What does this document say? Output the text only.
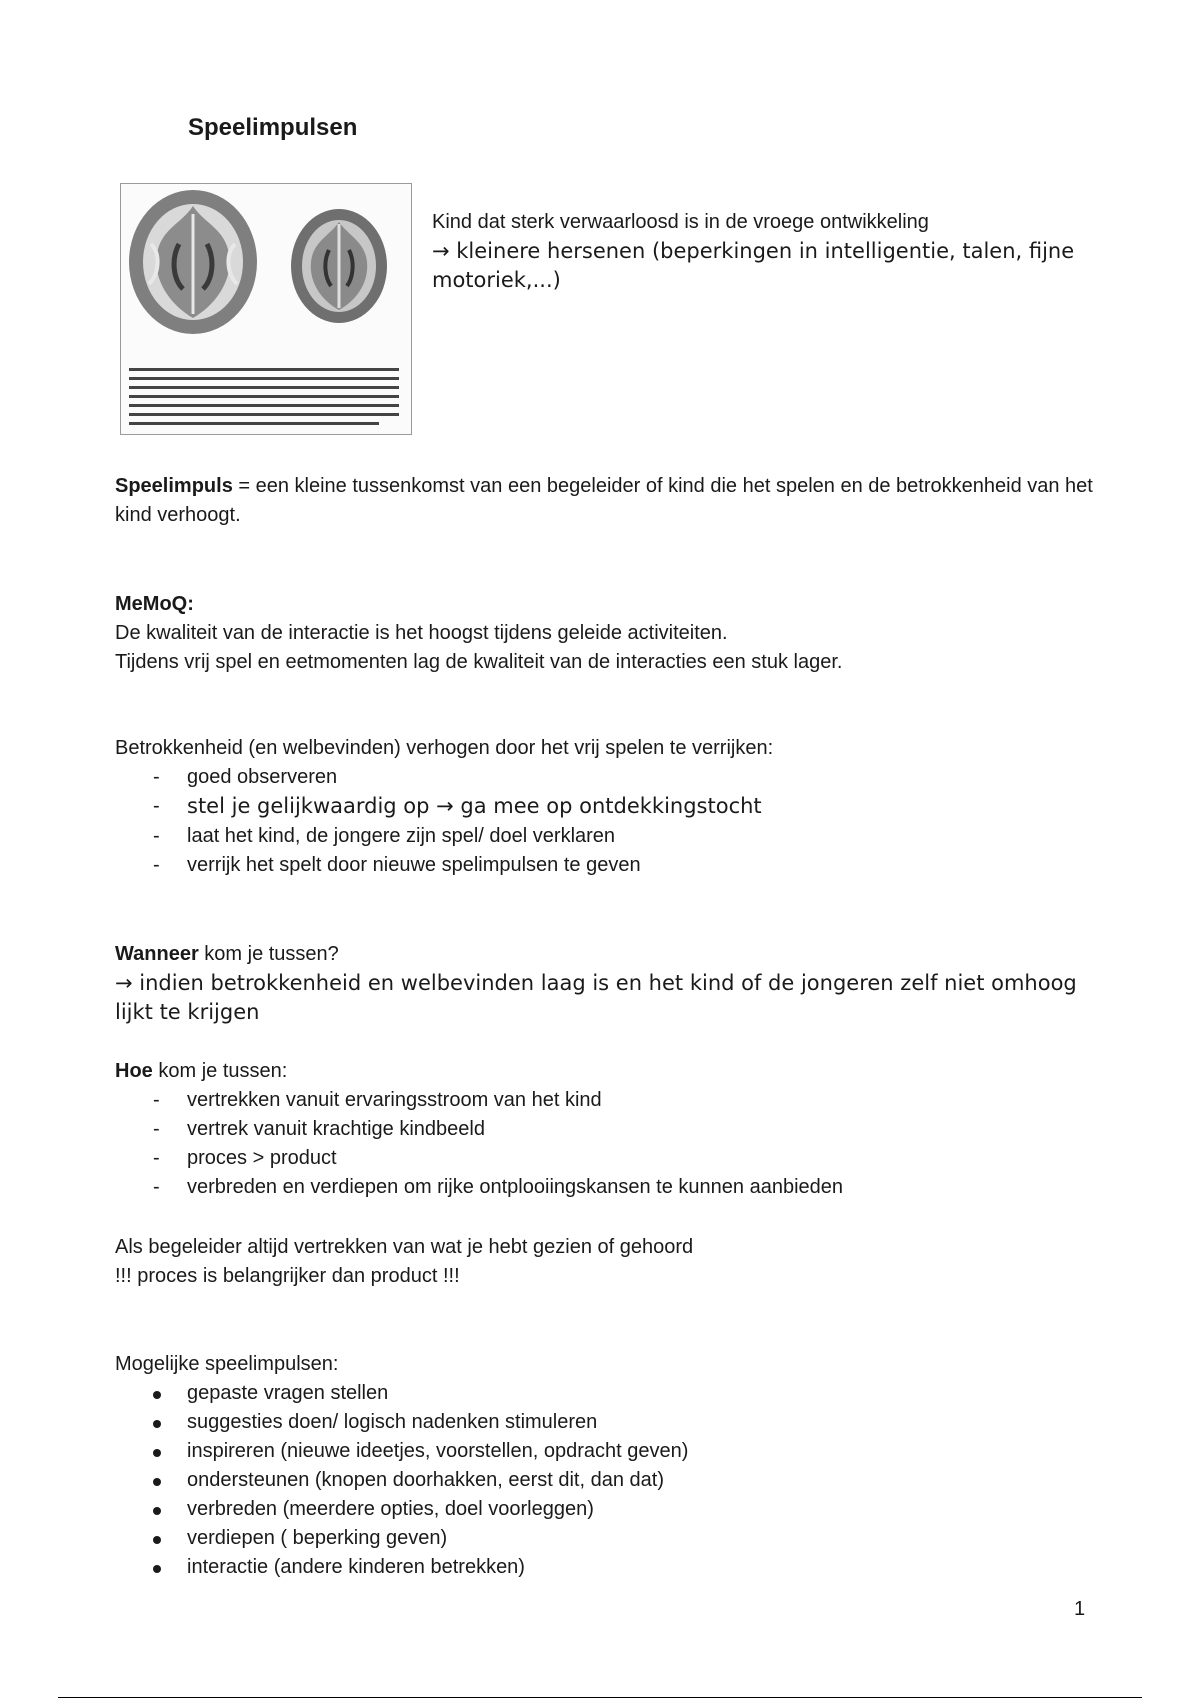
Speelimpulsen
Kind dat sterk verwaarloosd is in de vroege ontwikkeling
→ kleinere hersenen (beperkingen in intelligentie, talen, fijne motoriek,...)
Speelimpuls = een kleine tussenkomst van een begeleider of kind die het spelen en de betrokkenheid van het kind verhoogt.
MeMoQ:
De kwaliteit van de interactie is het hoogst tijdens geleide activiteiten.
Tijdens vrij spel en eetmomenten lag de kwaliteit van de interacties een stuk lager.
Betrokkenheid (en welbevinden) verhogen door het vrij spelen te verrijken:
- goed observeren
- stel je gelijkwaardig op → ga mee op ontdekkingstocht
- laat het kind, de jongere zijn spel/ doel verklaren
- verrijk het spelt door nieuwe spelimpulsen te geven
Wanneer kom je tussen?
→ indien betrokkenheid en welbevinden laag is en het kind of de jongeren zelf niet omhoog lijkt te krijgen
Hoe kom je tussen:
- vertrekken vanuit ervaringsstroom van het kind
- vertrek vanuit krachtige kindbeeld
- proces > product
- verbreden en verdiepen om rijke ontplooiingskansen te kunnen aanbieden
Als begeleider altijd vertrekken van wat je hebt gezien of gehoord
!!! proces is belangrijker dan product !!!
Mogelijke speelimpulsen:
gepaste vragen stellen
suggesties doen/ logisch nadenken stimuleren
inspireren (nieuwe ideetjes, voorstellen, opdracht geven)
ondersteunen (knopen doorhakken, eerst dit, dan dat)
verbreden (meerdere opties, doel voorleggen)
verdiepen ( beperking geven)
interactie (andere kinderen betrekken)
1
